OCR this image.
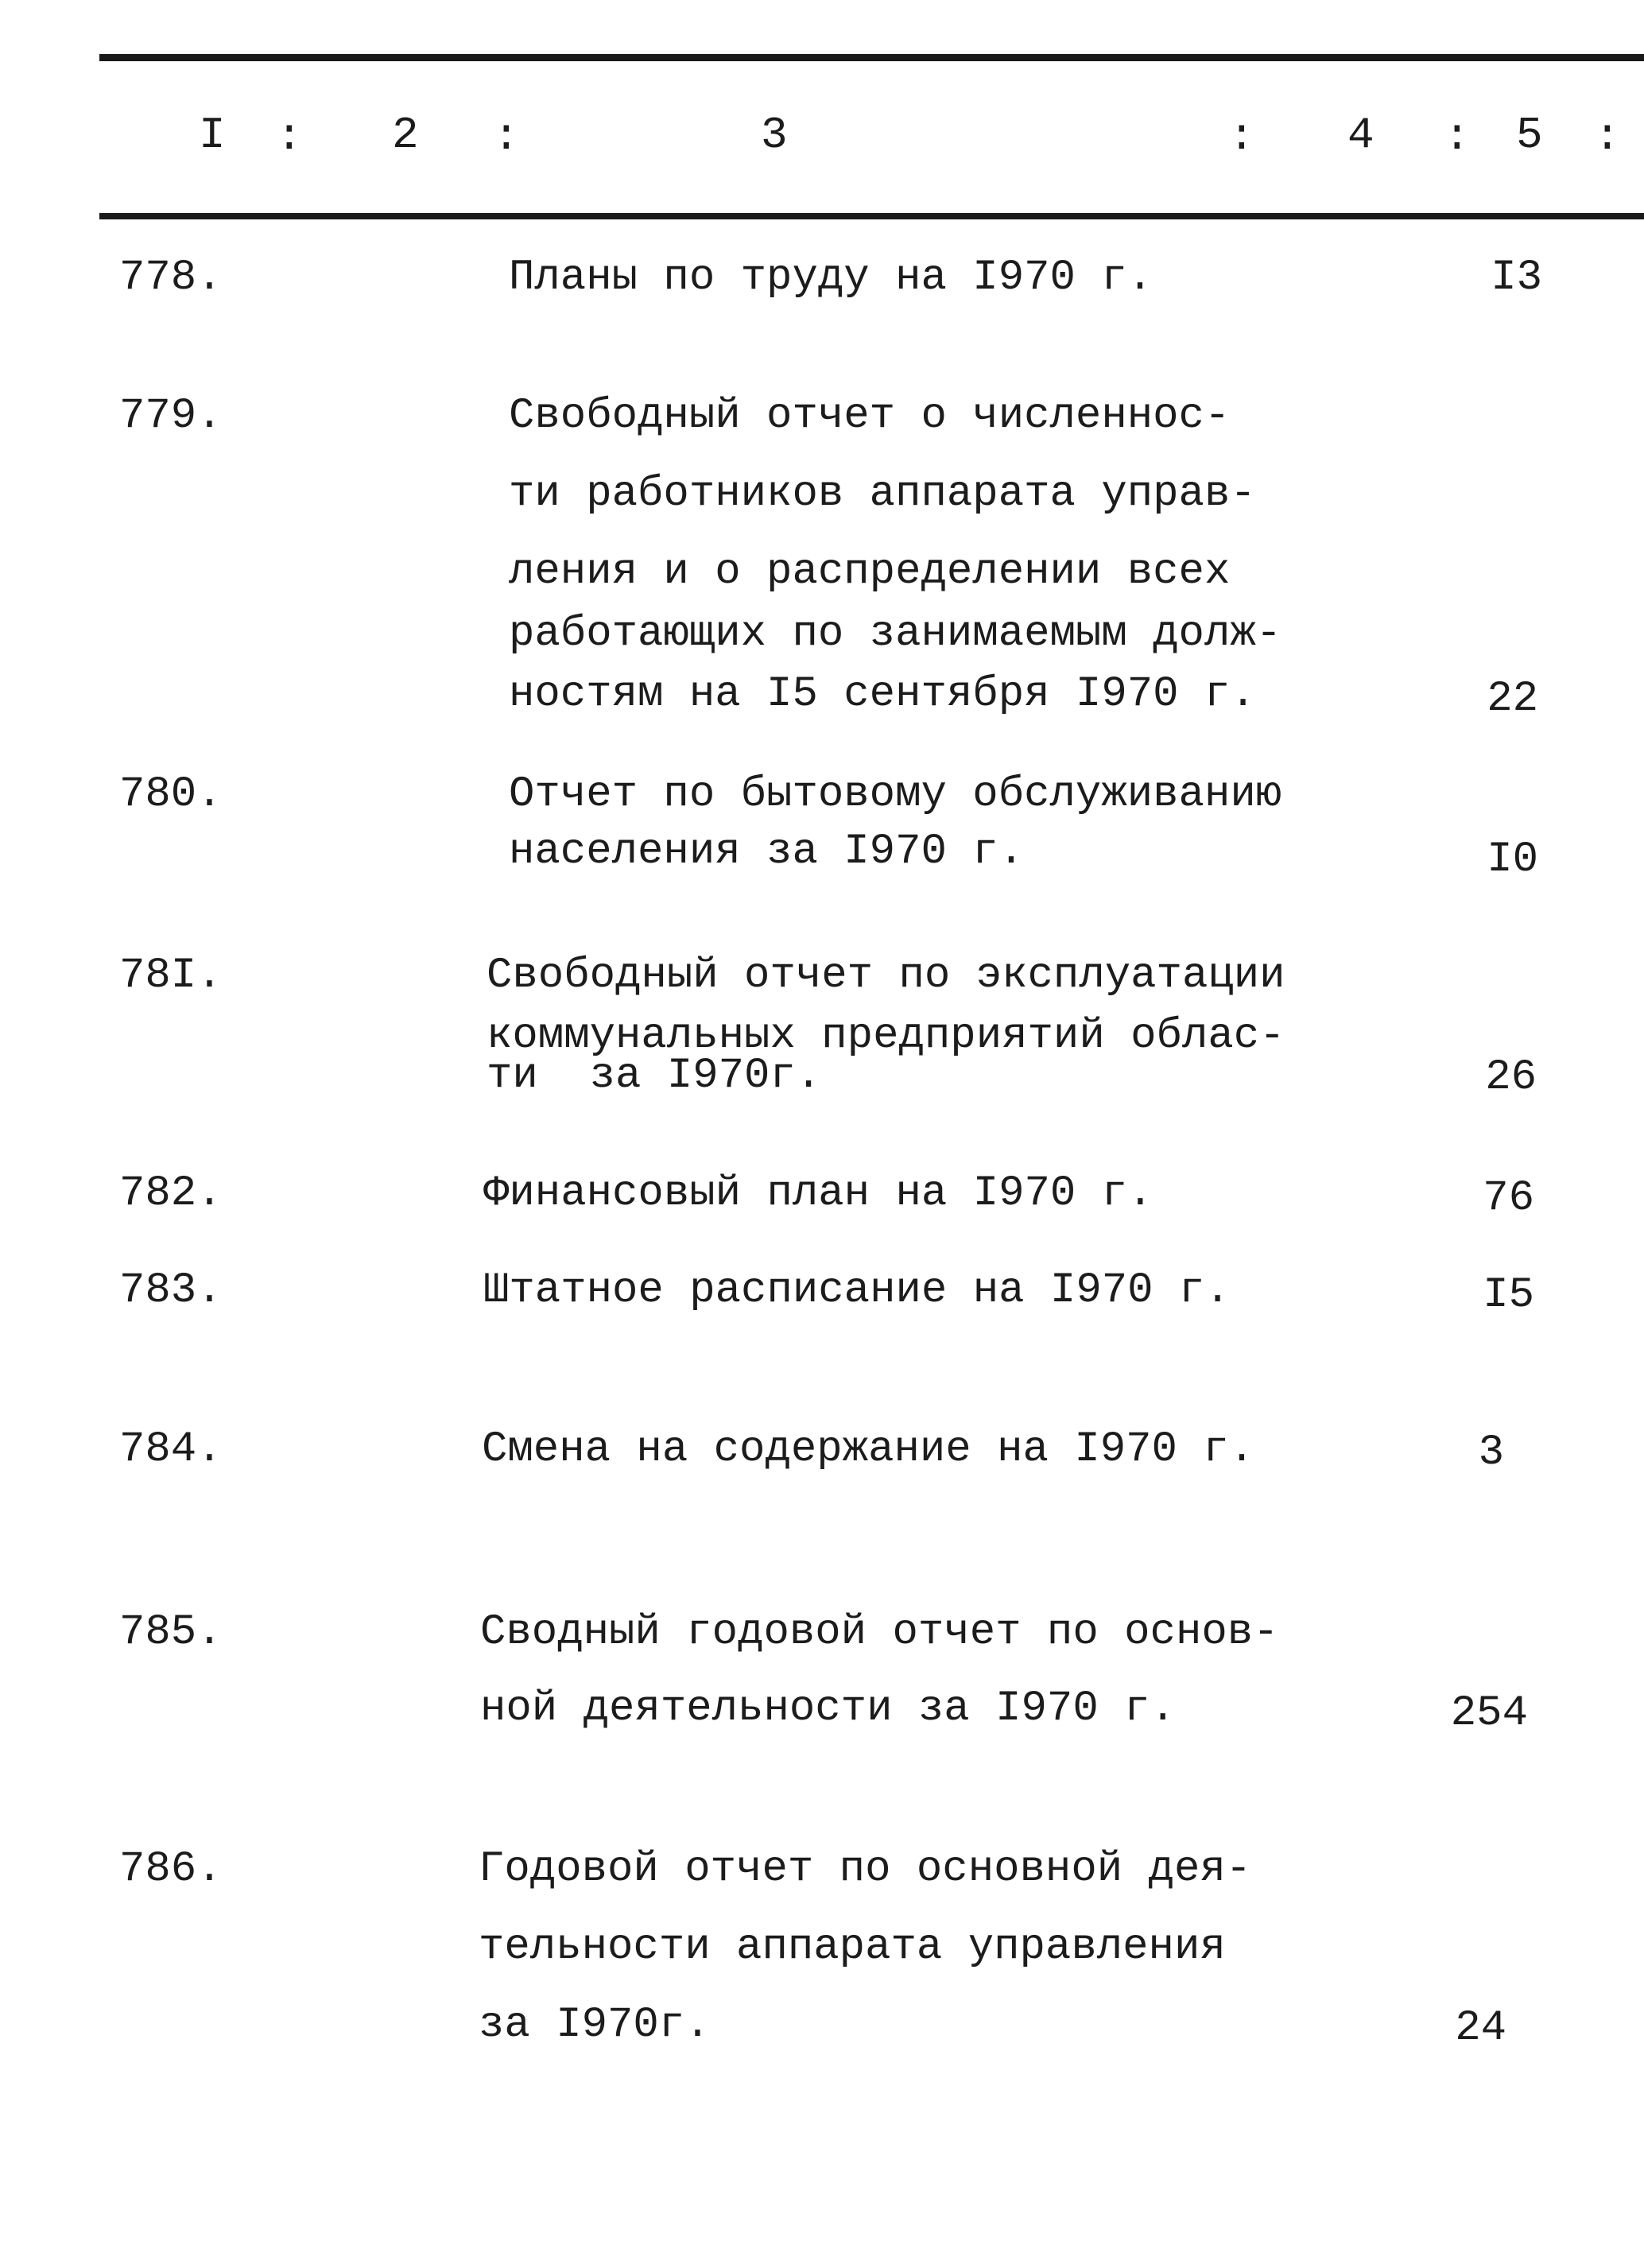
I : 2 :	3	: 4 : 5 :
778.	Планы по труду на I970 г.	I3
779.	Свободный отчет о численнос-
ти работников аппарата управ-
ления и о распределении всех
работающих по занимаемым долж-
ностям на I5 сентября I970 г.	22
780.	Отчет по бытовому обслуживанию
населения за I970 г.	I0
78I.	Свободный отчет по эксплуатации
коммунальных предприятий облас-
ти  за I970г.	26
782.	Финансовый план на I970 г.	76
783.	Штатное расписание на I970 г.	I5
784.	Смена на содержание на I970 г.	3
785.	Сводный годовой отчет по основ-
ной деятельности за I970 г.	254
786.	Годовой отчет по основной дея-
тельности аппарата управления
за I970г.	24
